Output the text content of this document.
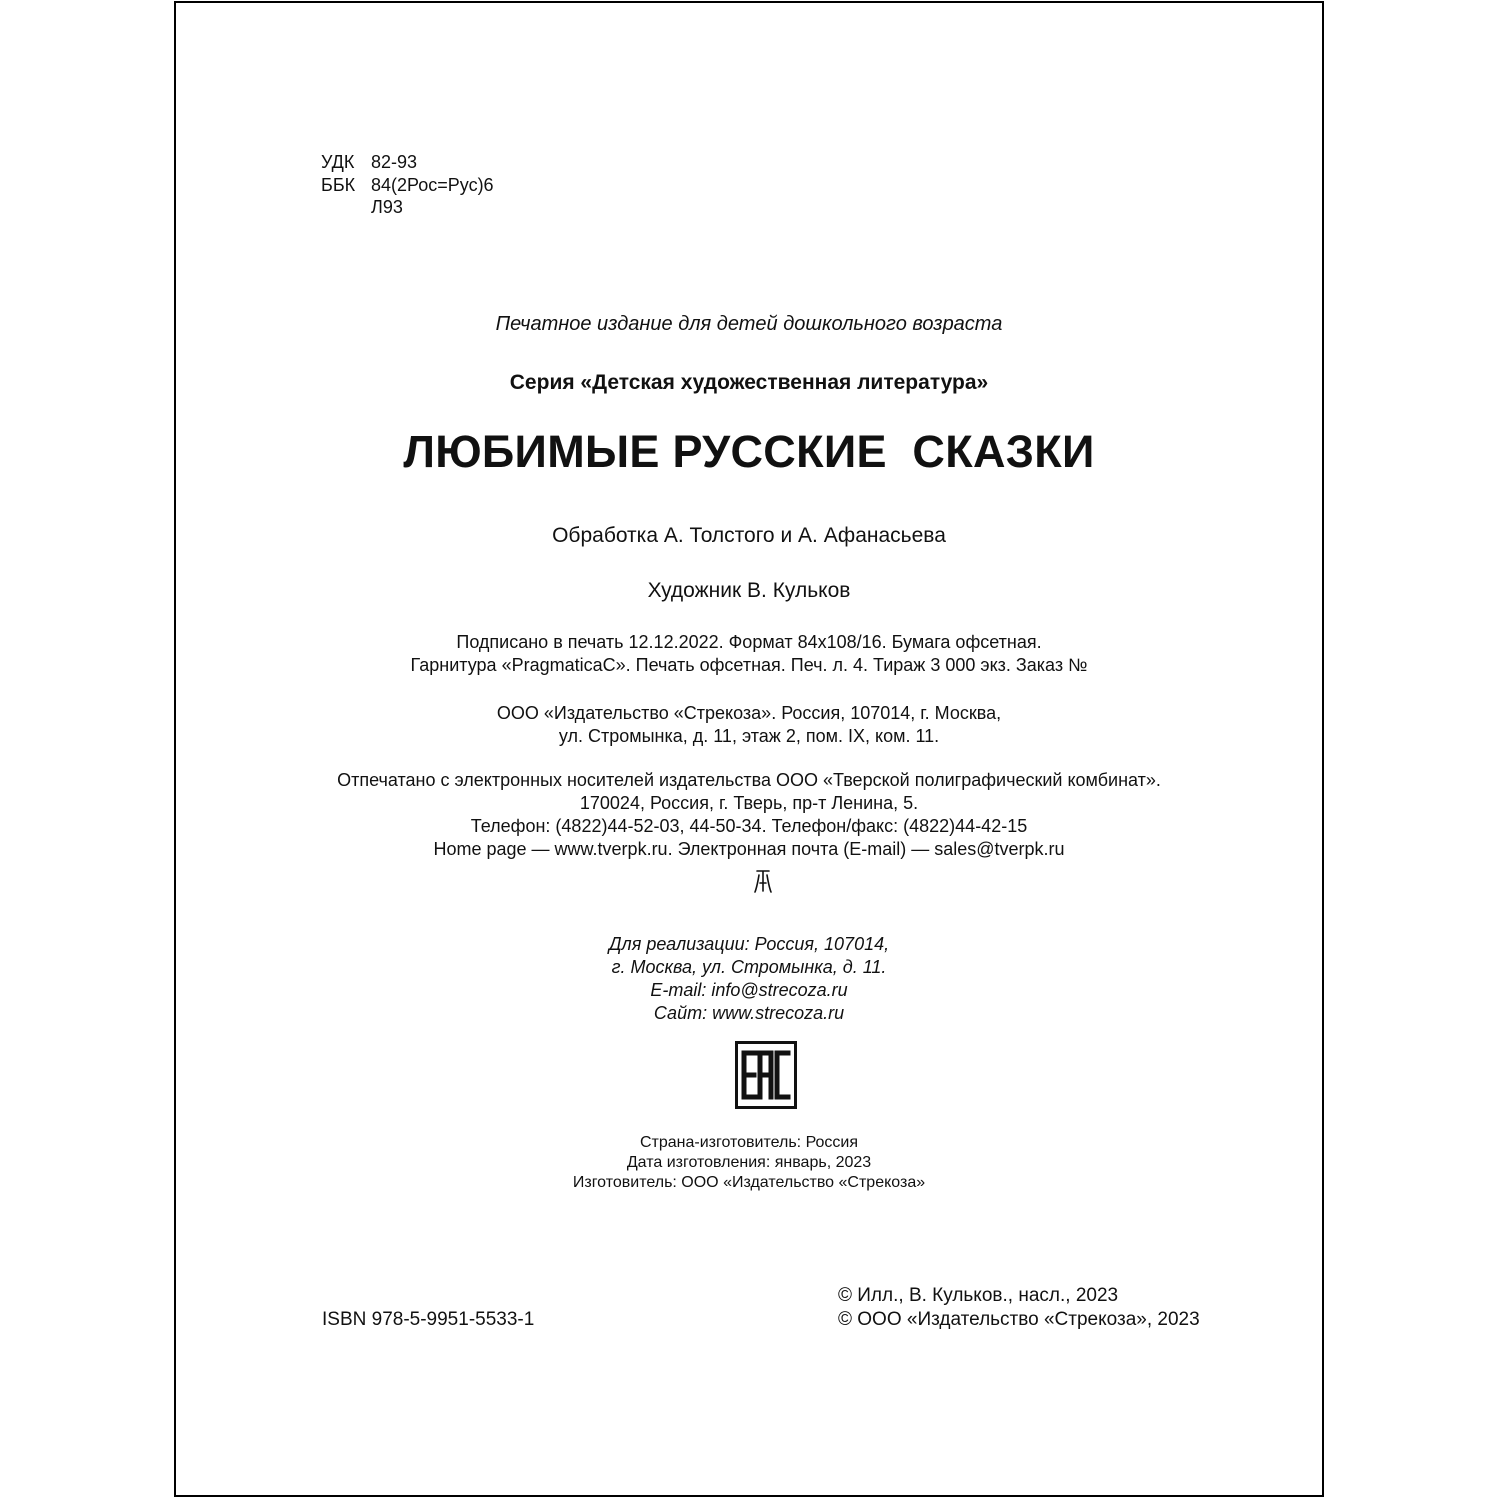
УДК 82-93
ББК 84(2Рос=Рус)6
Л93
Печатное издание для детей дошкольного возраста
Серия «Детская художественная литература»
ЛЮБИМЫЕ РУССКИЕ  СКАЗКИ
Обработка А. Толстого и А. Афанасьева
Художник В. Кульков
Подписано в печать 12.12.2022. Формат 84x108/16. Бумага офсетная.
Гарнитура «PragmaticaC». Печать офсетная. Печ. л. 4. Тираж 3 000 экз. Заказ №
ООО «Издательство «Стрекоза». Россия, 107014, г. Москва,
ул. Стромынка, д. 11, этаж 2, пом. IX, ком. 11.
Отпечатано с электронных носителей издательства ООО «Тверской полиграфический комбинат».
170024, Россия, г. Тверь, пр-т Ленина, 5.
Телефон: (4822)44-52-03, 44-50-34. Телефон/факс: (4822)44-42-15
Home page — www.tverpk.ru. Электронная почта (E-mail) — sales@tverpk.ru
Для реализации: Россия, 107014,
г. Москва, ул. Стромынка, д. 11.
E-mail: info@strecoza.ru
Сайт: www.strecoza.ru
Страна-изготовитель: Россия
Дата изготовления: январь, 2023
Изготовитель: ООО «Издательство «Стрекоза»
ISBN 978-5-9951-5533-1
© Илл., В. Кульков., насл., 2023
© ООО «Издательство «Стрекоза», 2023
